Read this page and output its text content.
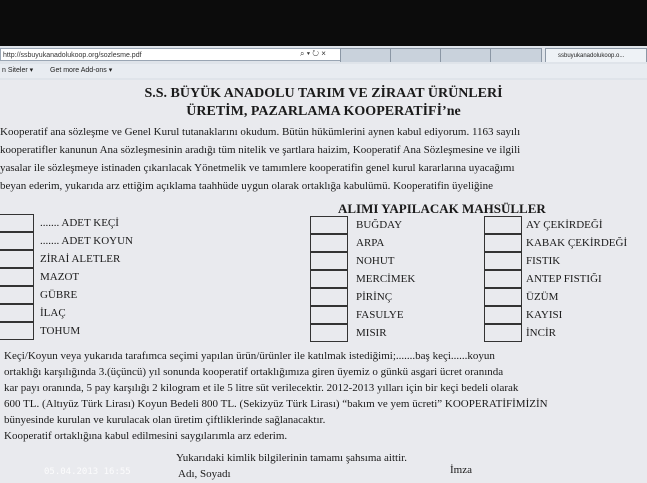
http://ssbuyukanadolukoop.org/sozlesme.pdf	⌕ ▾ ↻ ×	ssbuyukanadolukoop.o...
n Siteler ▾ Get more Add-ons ▾
S.S. BÜYÜK ANADOLU TARIM VE ZİRAAT ÜRÜNLERİ
ÜRETİM, PAZARLAMA KOOPERATİFİ’ne
Kooperatif ana sözleşme ve Genel Kurul tutanaklarını okudum. Bütün hükümlerini aynen kabul ediyorum. 1163 sayılı
kooperatifler kanunun Ana sözleşmesinin aradığı tüm nitelik ve şartlara haizim, Kooperatif Ana Sözleşmesine ve ilgili
yasalar ile sözleşmeye istinaden çıkarılacak Yönetmelik ve tamımlere kooperatifin genel kurul kararlarına uyacağımı
beyan ederim, yukarıda arz ettiğim açıklama taahhüde uygun olarak ortaklığa kabulümü. Kooperatifin üyeliğine
ALIMI YAPILACAK MAHSÜLLER
....... ADET KEÇİ
....... ADET KOYUN
ZİRAİ ALETLER
MAZOT
GÜBRE
İLAÇ
TOHUM
BUĞDAY
ARPA
NOHUT
MERCİMEK
PİRİNÇ
FASULYE
MISIR
AY ÇEKİRDEĞİ
KABAK ÇEKİRDEĞİ
FISTIK
ANTEP FISTIĞI
ÜZÜM
KAYISI
İNCİR
Keçi/Koyun veya yukarıda tarafımca seçimi yapılan ürün/ürünler ile katılmak istediğimi;.......baş keçi......koyun
ortaklığı karşılığında 3.(üçüncü) yıl sonunda kooperatif ortaklığımıza giren üyemiz o günkü asgari ücret oranında
kar payı oranında, 5 pay karşılığı 2 kilogram et ile 5 litre süt verilecektir. 2012-2013 yılları için bir keçi bedeli olarak
600 TL. (Altıyüz Türk Lirası) Koyun Bedeli 800 TL. (Sekizyüz Türk Lirası) “bakım ve yem ücreti” KOOPERATİFİMİZİN
bünyesinde kurulan ve kurulacak olan üretim çiftliklerinde sağlanacaktır.
Kooperatif ortaklığına kabul edilmesini saygılarımla arz ederim.
Yukarıdaki kimlik bilgilerinin tamamı şahsıma aittir.
Adı, Soyadı	İmza
05.04.2013 16:55
